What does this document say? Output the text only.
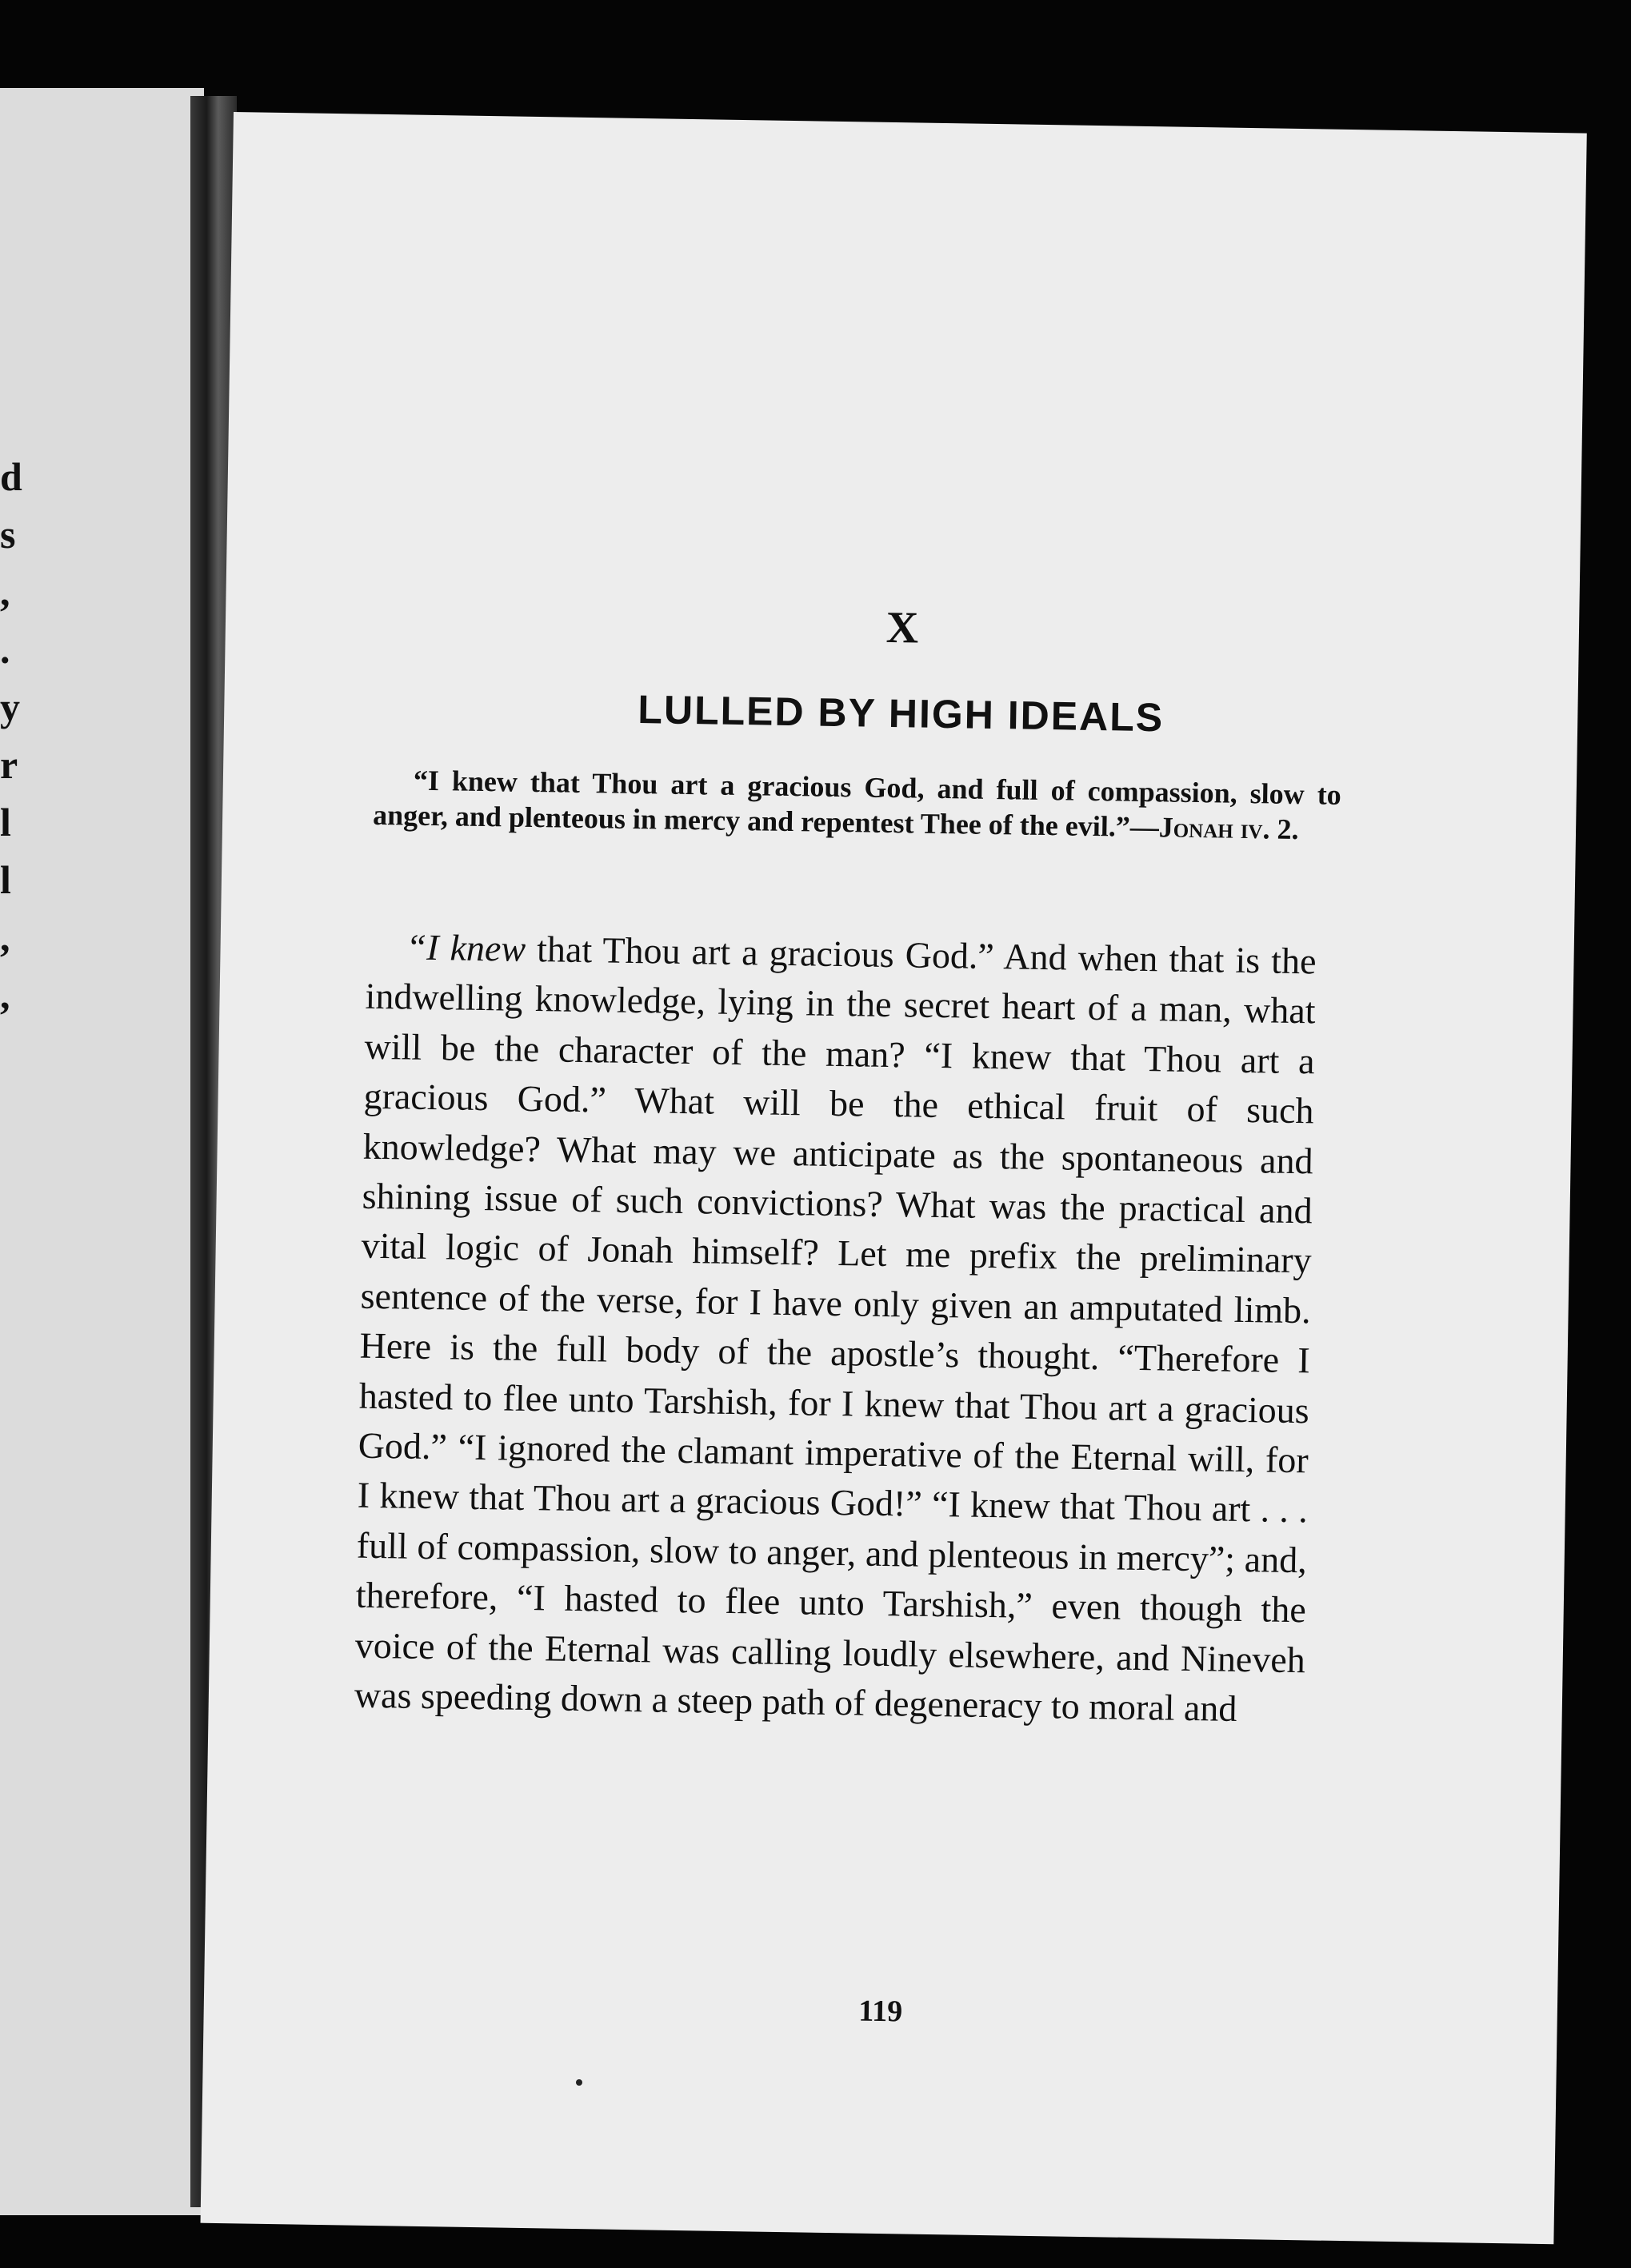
d
s
,
.
y
r
l
l
,
,
X
LULLED BY HIGH IDEALS
“I knew that Thou art a gracious God, and full of compassion, slow to anger, and plenteous in mercy and repentest Thee of the evil.”—Jonah iv. 2.
“I knew that Thou art a gracious God.” And when that is the indwelling knowledge, lying in the secret heart of a man, what will be the character of the man? “I knew that Thou art a gracious God.” What will be the ethical fruit of such knowledge? What may we anticipate as the spontaneous and shining issue of such convictions? What was the practical and vital logic of Jonah himself? Let me prefix the preliminary sentence of the verse, for I have only given an amputated limb. Here is the full body of the apostle’s thought. “Therefore I hasted to flee unto Tarshish, for I knew that Thou art a gracious God.” “I ignored the clamant imperative of the Eternal will, for I knew that Thou art a gracious God!” “I knew that Thou art . . . full of compassion, slow to anger, and plenteous in mercy”; and, therefore, “I hasted to flee unto Tarshish,” even though the voice of the Eternal was calling loudly elsewhere, and Nineveh was speeding down a steep path of degeneracy to moral and
119
